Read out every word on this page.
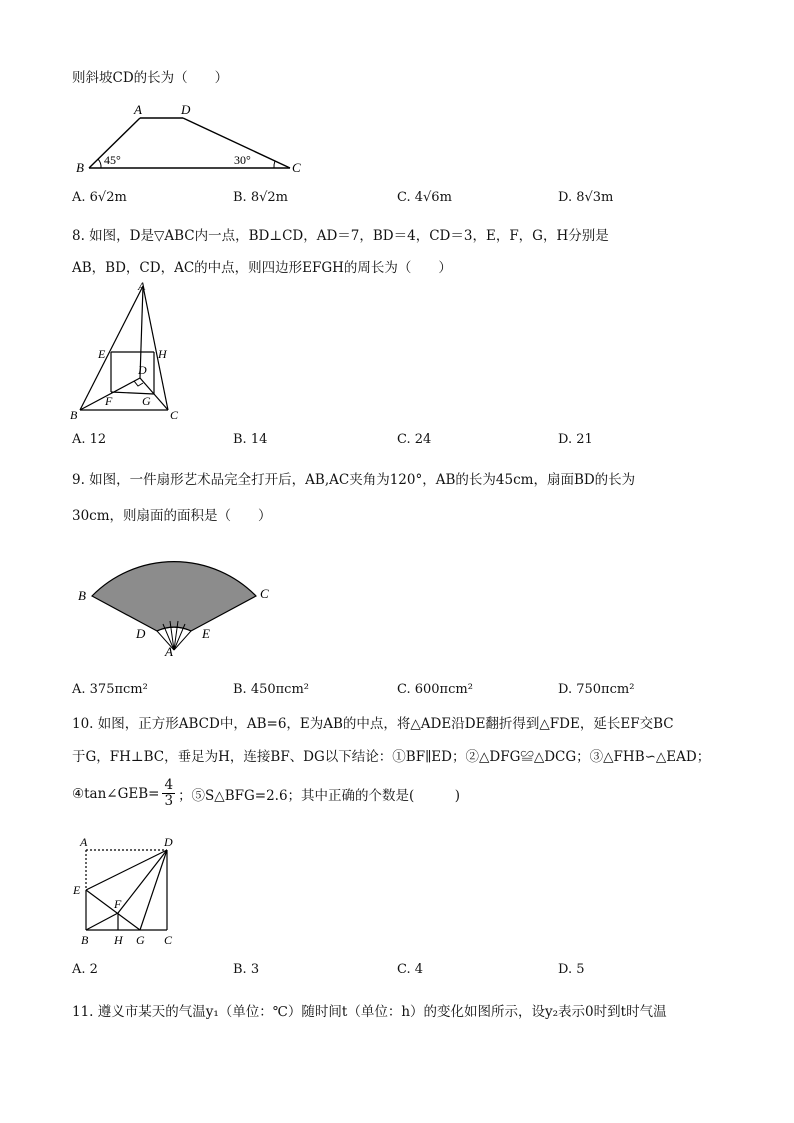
则斜坡CD的长为（　　）
A	D
B	C
45°	30°
A. 6√2m	B. 8√2m	C. 4√6m	D. 8√3m
8. 如图，D是▽ABC内一点，BD⊥CD，AD＝7，BD＝4，CD＝3，E，F，G，H分别是
AB，BD，CD，AC的中点，则四边形EFGH的周长为（　　）
A
E	H
D
F G
B	C
A. 12	B. 14	C. 24	D. 21
9. 如图，一件扇形艺术品完全打开后，AB,AC夹角为120°，AB的长为45cm，扇面BD的长为
30cm，则扇面的面积是（　　）
B	C
D	E
A
A. 375πcm²	B. 450πcm²	C. 600πcm²	D. 750πcm²
10. 如图，正方形ABCD中，AB=6，E为AB的中点，将△ADE沿DE翻折得到△FDE，延长EF交BC
于G，FH⊥BC，垂足为H，连接BF、DG以下结论：①BF∥ED；②△DFG≌△DCG；③△FHB∽△EAD；
④tan∠GEB= $\frac{4}{3}$ ；⑤S△BFG=2.6；其中正确的个数是(　　　)
A	D
E
F
B H G C
A. 2	B. 3	C. 4	D. 5
11. 遵义市某天的气温y₁（单位：℃）随时间t（单位：h）的变化如图所示，设y₂表示0时到t时气温
